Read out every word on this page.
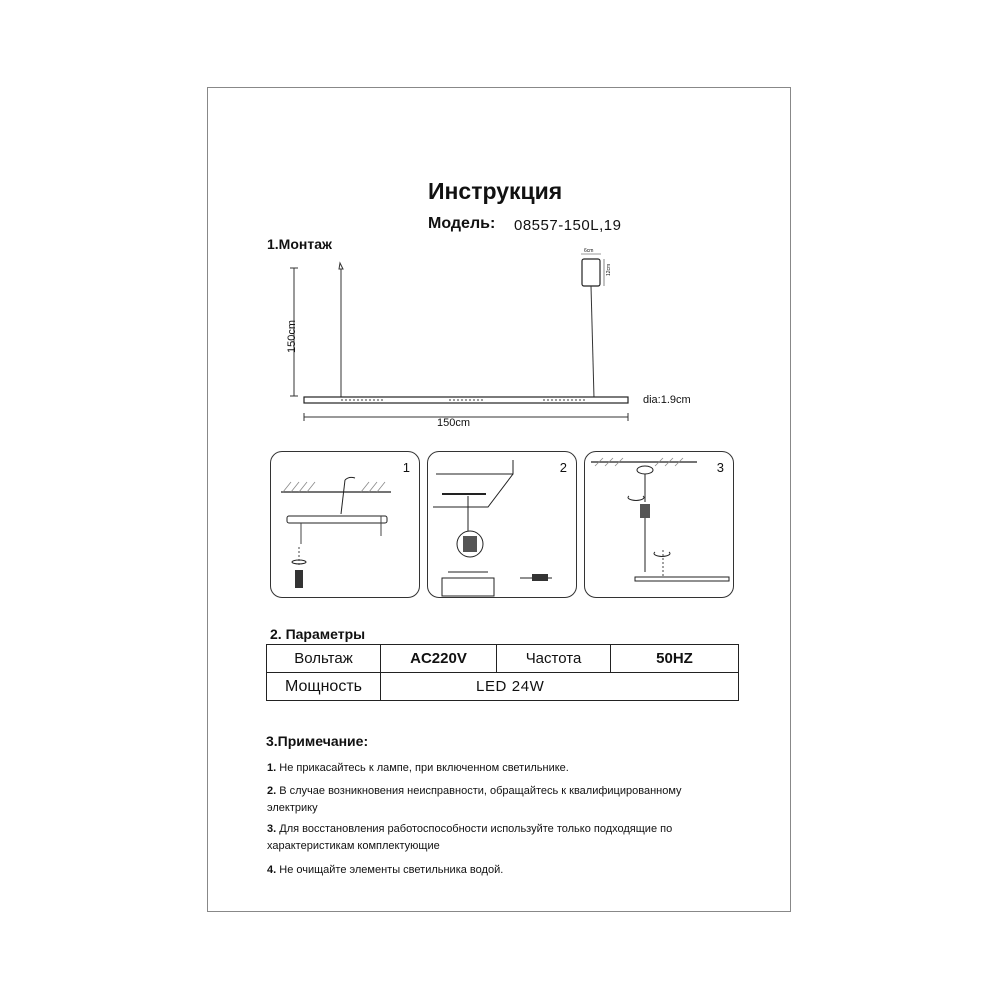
Инструкция
Модель: 08557-150L,19
1.Монтаж
150cm
150cm
dia:1.9cm
6cm
12cm
1	2	3
2. Параметры
Вольтаж	AC220V	Частота	50HZ
Мощность	LED 24W		
3.Примечание:
1. Не прикасайтесь к лампе, при включенном светильнике.
2. В случае возникновения неисправности, обращайтесь к квалифицированному
электрику
3. Для восстановления работоспособности используйте только подходящие по
характеристикам комплектующие
4. Не очищайте элементы светильника водой.
